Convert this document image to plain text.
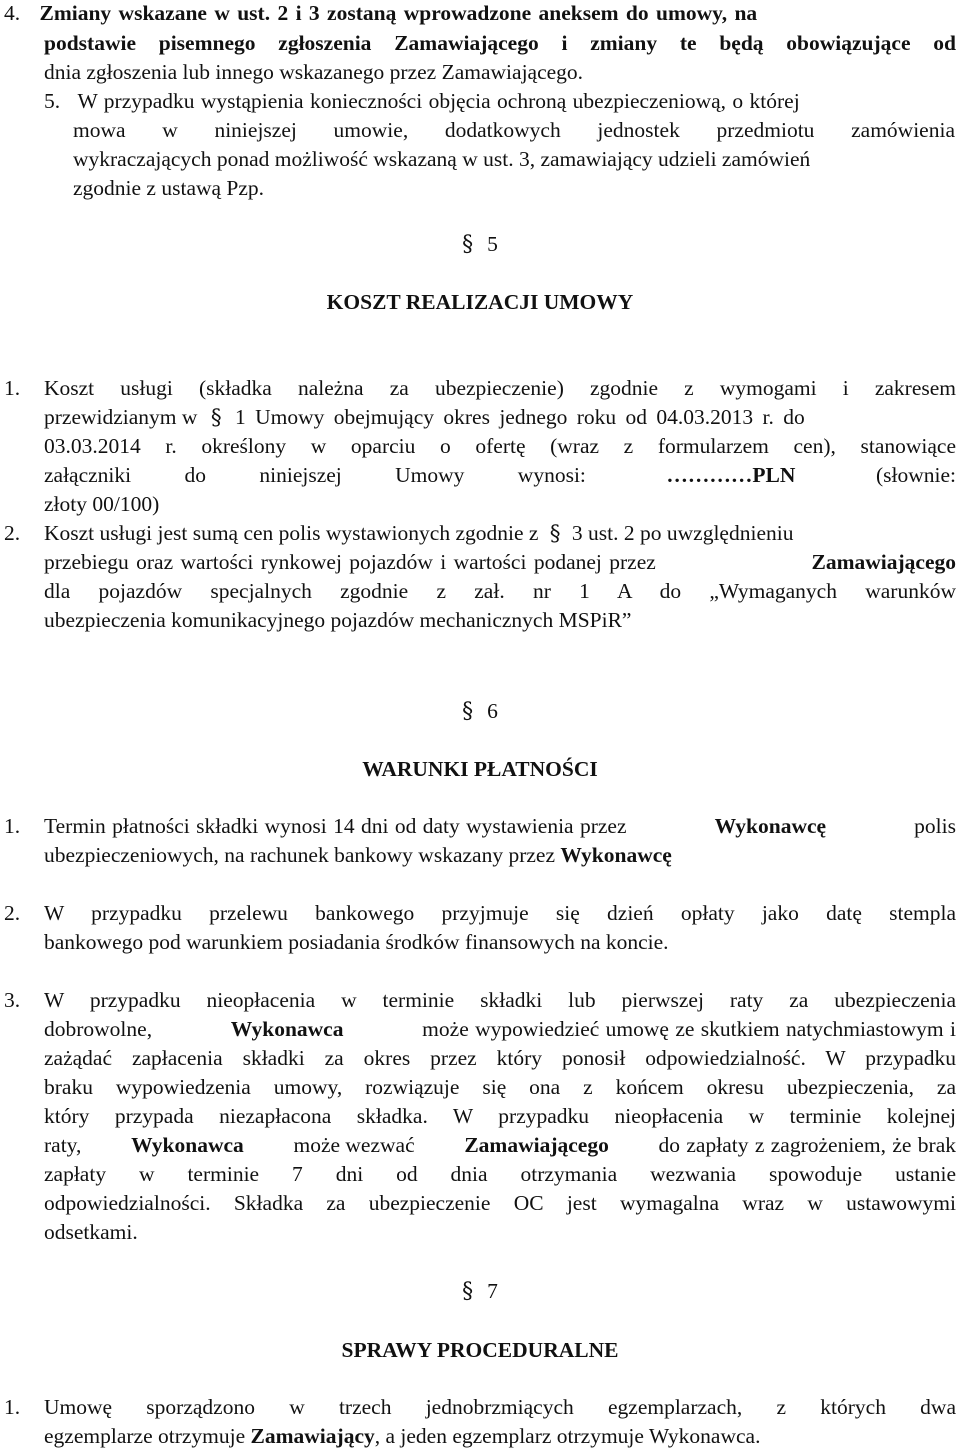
4. Zmiany wskazane w ust. 2 i 3 zostaną wprowadzone aneksem do umowy, na
podstawie pisemnego zgłoszenia Zamawiającego i zmiany te będą obowiązujące od
dnia zgłoszenia lub innego wskazanego przez Zamawiającego.
5. W przypadku wystąpienia konieczności objęcia ochroną ubezpieczeniową, o której
mowa w niniejszej umowie, dodatkowych jednostek przedmiotu zamówienia
wykraczających ponad możliwość wskazaną w ust. 3, zamawiający udzieli zamówień
zgodnie z ustawą Pzp.
§ 5
KOSZT REALIZACJI UMOWY
1.	Koszt usługi (składka należna za ubezpieczenie) zgodnie z wymogami i zakresem
przewidzianym w § 1 Umowy obejmujący okres jednego roku od 04.03.2013 r. do
03.03.2014 r. określony w oparciu o ofertę (wraz z formularzem cen), stanowiące
załączniki do niniejszej Umowy wynosi:	…………PLN	(słownie:
złoty 00/100)
2.	Koszt usługi jest sumą cen polis wystawionych zgodnie z § 3 ust. 2 po uwzględnieniu
przebiegu oraz wartości rynkowej pojazdów i wartości podanej przez	Zamawiającego
dla pojazdów specjalnych zgodnie z zał. nr 1 A do „Wymaganych warunków
ubezpieczenia komunikacyjnego pojazdów mechanicznych MSPiR”
§ 6
WARUNKI PŁATNOŚCI
1.	Termin płatności składki wynosi 14 dni od daty wystawienia przez	Wykonawcę	polis
ubezpieczeniowych, na rachunek bankowy wskazany przez Wykonawcę
2.	W przypadku przelewu bankowego przyjmuje się dzień opłaty jako datę stempla
bankowego pod warunkiem posiadania środków finansowych na koncie.
3.	W przypadku nieopłacenia w terminie składki lub pierwszej raty za ubezpieczenia
dobrowolne,	Wykonawca	może wypowiedzieć umowę ze skutkiem natychmiastowym i
zażądać zapłacenia składki za okres przez który ponosił odpowiedzialność. W przypadku
braku wypowiedzenia umowy, rozwiązuje się ona z końcem okresu ubezpieczenia, za
który przypada niezapłacona składka. W przypadku nieopłacenia w terminie kolejnej
raty, Wykonawca może wezwać Zamawiającego do zapłaty z zagrożeniem, że brak
zapłaty w terminie 7 dni od dnia otrzymania wezwania spowoduje ustanie
odpowiedzialności. Składka za ubezpieczenie OC jest wymagalna wraz w ustawowymi
odsetkami.
§ 7
SPRAWY PROCEDURALNE
1.	Umowę sporządzono w trzech jednobrzmiących egzemplarzach, z których dwa
egzemplarze otrzymuje Zamawiający, a jeden egzemplarz otrzymuje Wykonawca.
